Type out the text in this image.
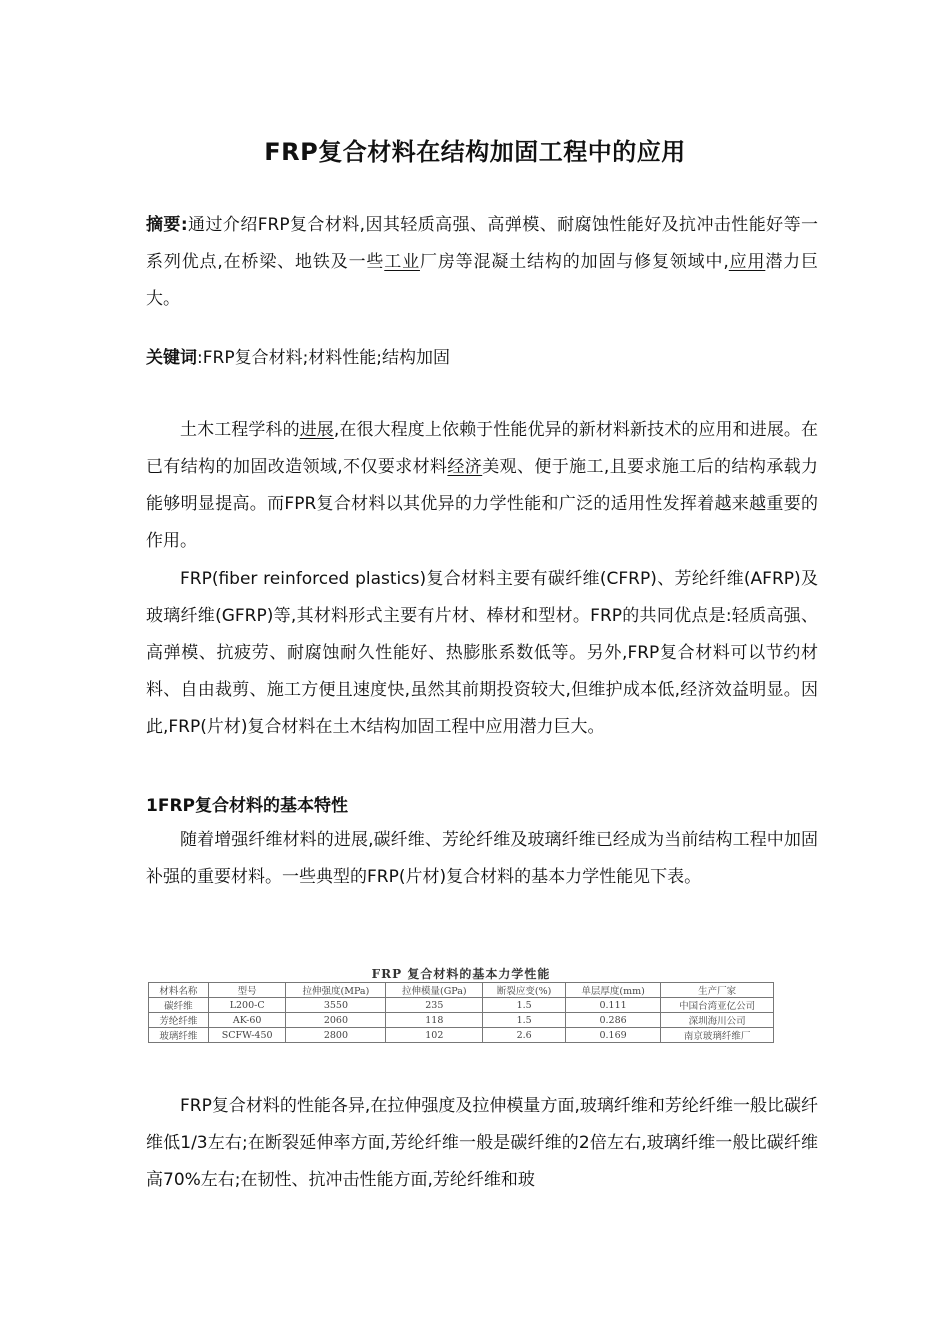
FRP复合材料在结构加固工程中的应用
摘要:通过介绍FRP复合材料,因其轻质高强、高弹模、耐腐蚀性能好及抗冲击性能好等一系列优点,在桥梁、地铁及一些工业厂房等混凝土结构的加固与修复领域中,应用潜力巨大。
关键词:FRP复合材料;材料性能;结构加固
土木工程学科的进展,在很大程度上依赖于性能优异的新材料新技术的应用和进展。在已有结构的加固改造领域,不仅要求材料经济美观、便于施工,且要求施工后的结构承载力能够明显提高。而FPR复合材料以其优异的力学性能和广泛的适用性发挥着越来越重要的作用。
FRP(fiber reinforced plastics)复合材料主要有碳纤维(CFRP)、芳纶纤维(AFRP)及玻璃纤维(GFRP)等,其材料形式主要有片材、棒材和型材。FRP的共同优点是:轻质高强、高弹模、抗疲劳、耐腐蚀耐久性能好、热膨胀系数低等。另外,FRP复合材料可以节约材料、自由裁剪、施工方便且速度快,虽然其前期投资较大,但维护成本低,经济效益明显。因此,FRP(片材)复合材料在土木结构加固工程中应用潜力巨大。
1FRP复合材料的基本特性
随着增强纤维材料的进展,碳纤维、芳纶纤维及玻璃纤维已经成为当前结构工程中加固补强的重要材料。一些典型的FRP(片材)复合材料的基本力学性能见下表。
FRP 复合材料的基本力学性能
材料名称	型号	拉伸强度(MPa)	拉伸模量(GPa)	断裂应变(%)	单层厚度(mm)	生产厂家
碳纤维	L200-C	3550	235	1.5	0.111	中国台湾亚亿公司
芳纶纤维	AK-60	2060	118	1.5	0.286	深圳海川公司
玻璃纤维	SCFW-450	2800	102	2.6	0.169	南京玻璃纤维厂
FRP复合材料的性能各异,在拉伸强度及拉伸模量方面,玻璃纤维和芳纶纤维一般比碳纤维低1/3左右;在断裂延伸率方面,芳纶纤维一般是碳纤维的2倍左右,玻璃纤维一般比碳纤维高70%左右;在韧性、抗冲击性能方面,芳纶纤维和玻
